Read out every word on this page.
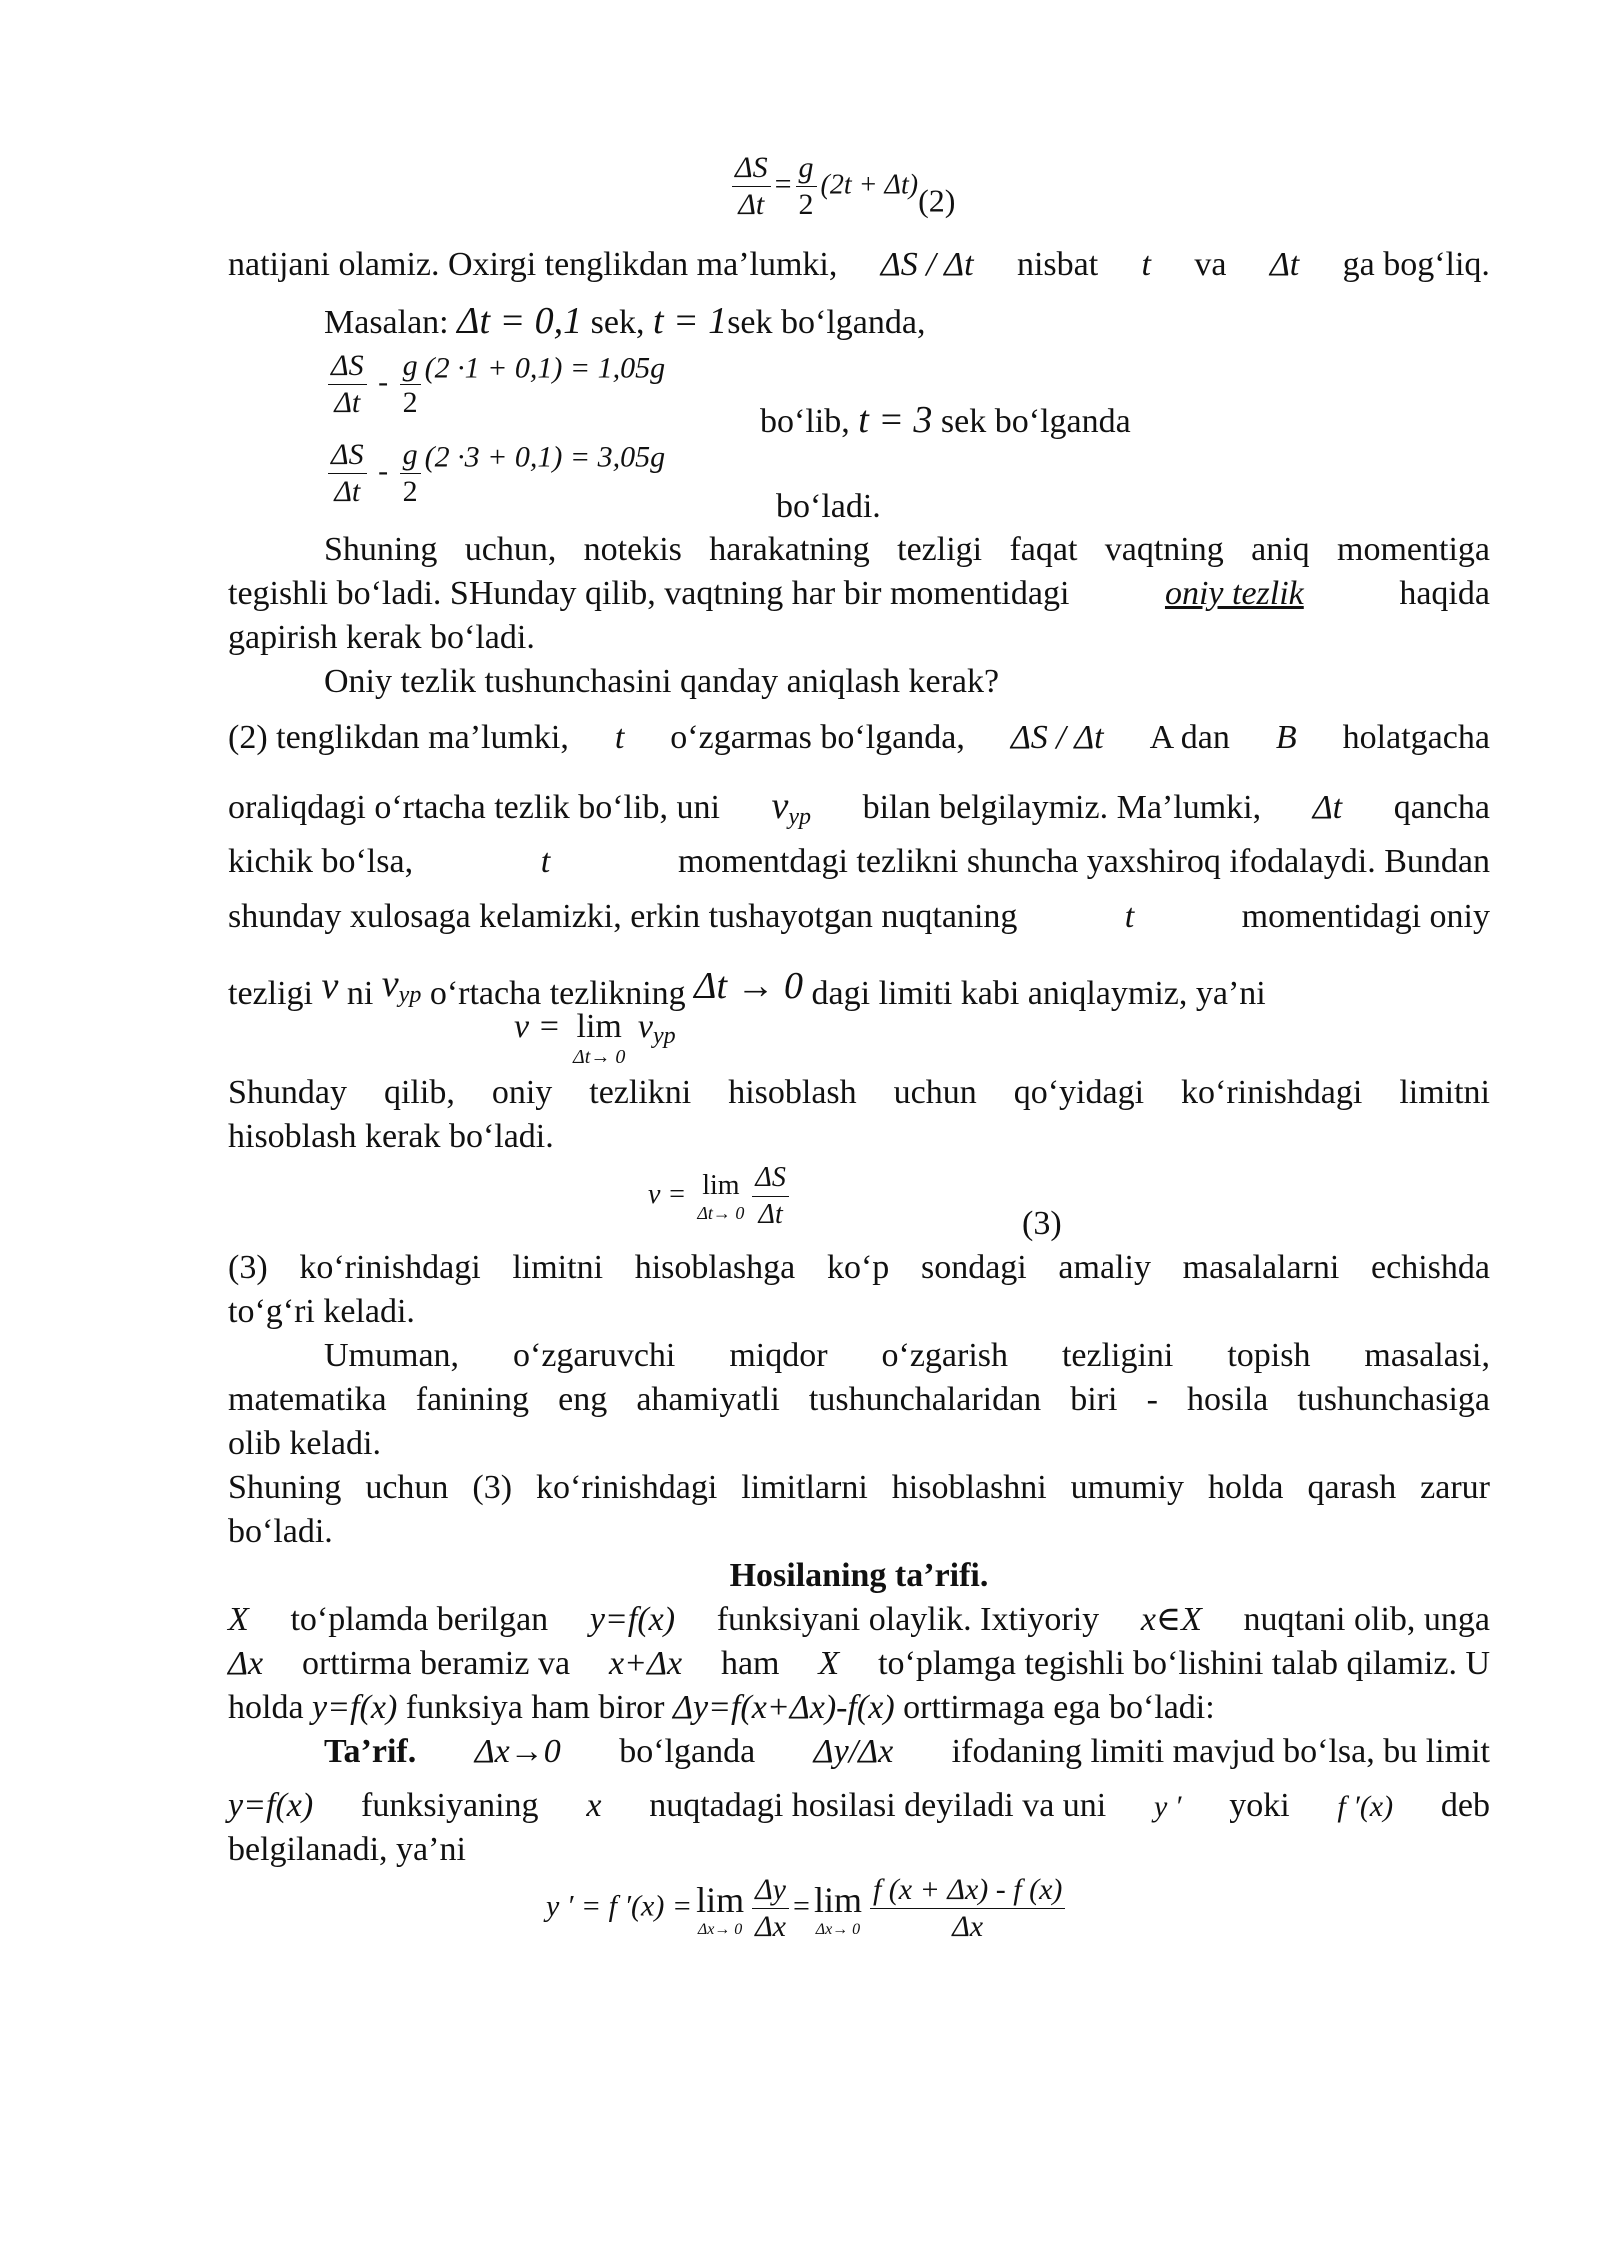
$\frac{\Delta S}{\Delta t} = \frac{g}{2} (2t + \Delta t)(2)$
natijani olamiz. Oxirgi tenglikdan ma’lumki, ΔS / Δt nisbat t va Δt ga bog‘liq.
Masalan: Δt = 0,1 sek, t = 1sek bo‘lganda,
$\frac{\Delta S}{\Delta t} - \frac{g}{2} (2 \cdot 1 + 0,1) = 1,05g$
bo‘lib, t = 3 sek bo‘lganda
$\frac{\Delta S}{\Delta t} - \frac{g}{2} (2 \cdot 3 + 0,1) = 3,05g$
bo‘ladi.
Shuning uchun, notekis harakatning tezligi faqat vaqtning aniq momentiga
tegishli bo‘ladi. SHunday qilib, vaqtning har bir momentidagi	oniy tezlik	haqida
gapirish kerak bo‘ladi.
Oniy tezlik tushunchasini qanday aniqlash kerak?
(2) tenglikdan ma’lumki, t o‘zgarmas bo‘lganda, ΔS / Δt A dan B holatgacha
oraliqdagi o‘rtacha tezlik bo‘lib, uni vyp bilan belgilaymiz. Ma’lumki, Δt qancha
kichik bo‘lsa,	t	momentdagi tezlikni shuncha yaxshiroq ifodalaydi. Bundan
shunday xulosaga kelamizki, erkin tushayotgan nuqtaning	t	momentidagi oniy
tezligi v ni vyp o‘rtacha tezlikning Δt → 0 dagi limiti kabi aniqlaymiz, ya’ni
v = lim
Δt→ 0
vyp
Shunday qilib, oniy tezlikni hisoblash uchun qo‘yidagi ko‘rinishdagi limitni
hisoblash kerak bo‘ladi.
v = lim
$\Delta t\to 0 \frac{\Delta S}{\Delta t}$	(3)
(3) ko‘rinishdagi limitni hisoblashga ko‘p sondagi amaliy masalalarni echishda
to‘g‘ri keladi.
Umuman, o‘zgaruvchi miqdor o‘zgarish tezligini topish masalasi,
matematika fanining eng ahamiyatli tushunchalaridan biri - hosila tushunchasiga
olib keladi.
Shuning uchun (3) ko‘rinishdagi limitlarni hisoblashni umumiy holda qarash zarur
bo‘ladi.
Hosilaning ta’rifi.
X to‘plamda berilgan y=f(x) funksiyani olaylik. Ixtiyoriy x∈X nuqtani olib, unga
Δx orttirma beramiz va x+Δx ham X to‘plamga tegishli bo‘lishini talab qilamiz. U
holda y=f(x) funksiya ham biror Δy=f(x+Δx)-f(x) orttirmaga ega bo‘ladi:
Ta’rif. Δx→0 bo‘lganda Δy/Δx ifodaning limiti mavjud bo‘lsa, bu limit
y=f(x) funksiyaning x nuqtadagi hosilasi deyiladi va uni y ′ yoki f ′(x) deb
belgilanadi, ya’ni
y ′ = f ′(x) = lim
$\Delta x\to 0 \frac{\Delta y}{\Delta x} = \lim$
$\Delta x\to 0 \frac{f (x + \Delta x) - f (x)}{\Delta x}$
